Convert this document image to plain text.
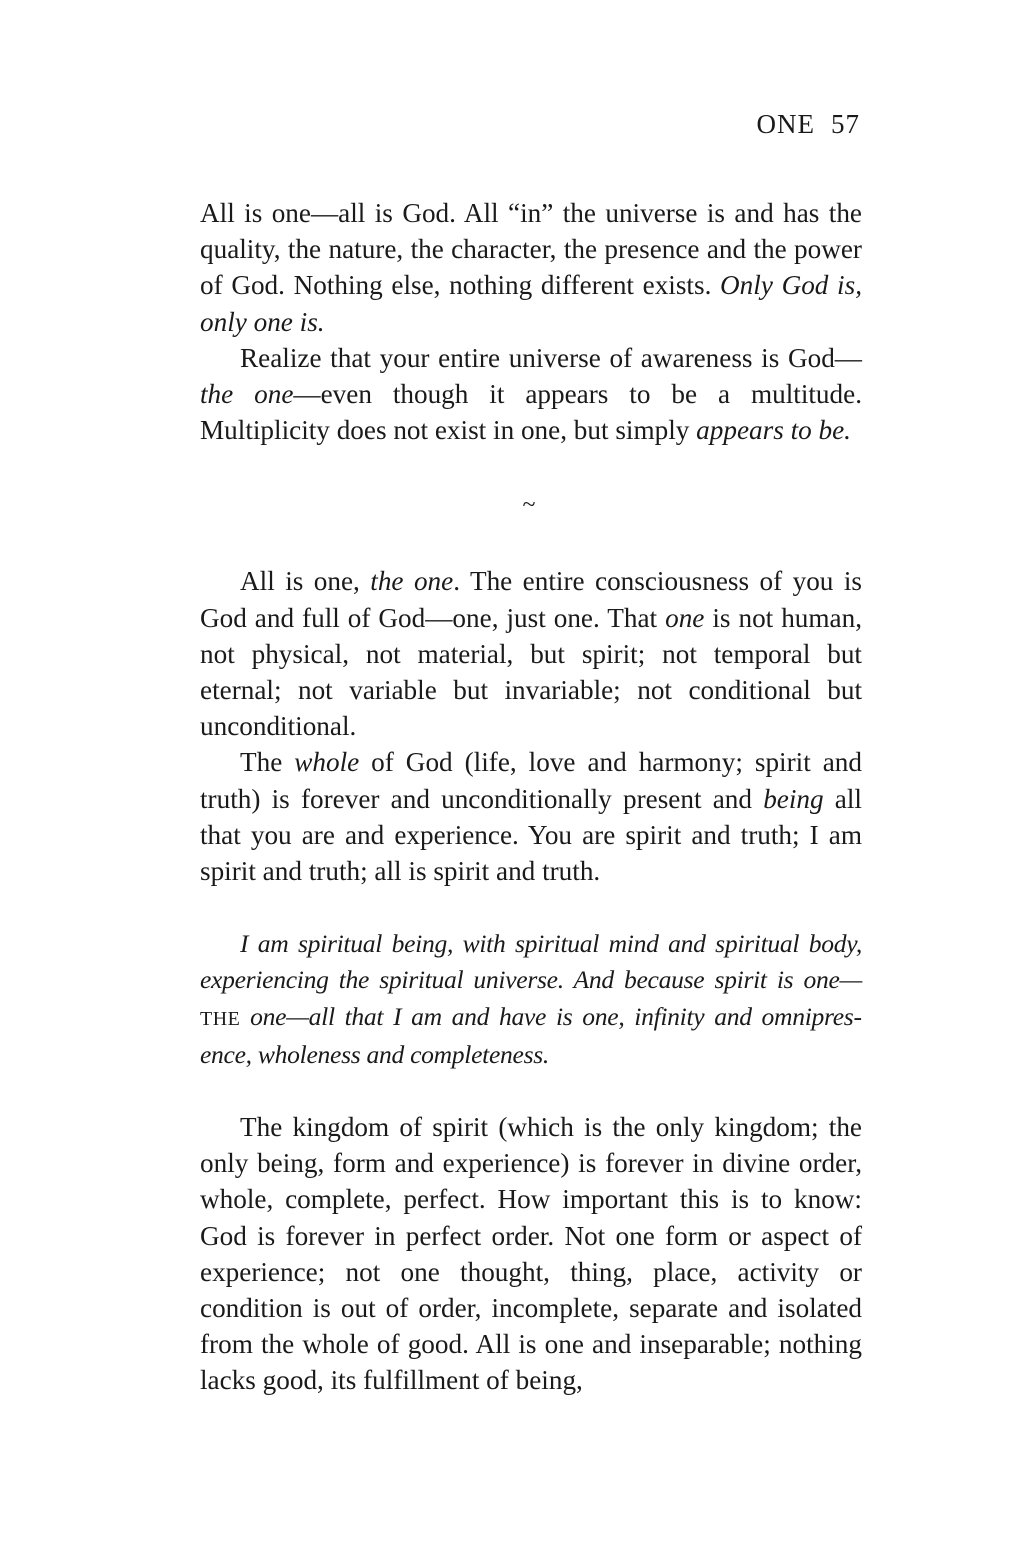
ONE 57

All is one—all is God. All “in” the universe is and has the quality, the nature, the character, the presence and the power of God. Nothing else, nothing different exists. Only God is, only one is.

Realize that your entire universe of awareness is God—the one—even though it appears to be a multitude. Multiplicity does not exist in one, but simply appears to be.

~

All is one, the one. The entire consciousness of you is God and full of God—one, just one. That one is not human, not physical, not material, but spirit; not temporal but eternal; not variable but invariable; not conditional but unconditional.

The whole of God (life, love and harmony; spirit and truth) is forever and unconditionally present and being all that you are and experience. You are spirit and truth; I am spirit and truth; all is spirit and truth.

I am spiritual being, with spiritual mind and spiritual body, experiencing the spiritual universe. And because spirit is one—THE one—all that I am and have is one, infinity and omnipresence, wholeness and completeness.

The kingdom of spirit (which is the only kingdom; the only being, form and experience) is forever in divine order, whole, complete, perfect. How important this is to know: God is forever in perfect order. Not one form or aspect of experience; not one thought, thing, place, activity or condition is out of order, incomplete, separate and isolated from the whole of good. All is one and inseparable; nothing lacks good, its fulfillment of being,
